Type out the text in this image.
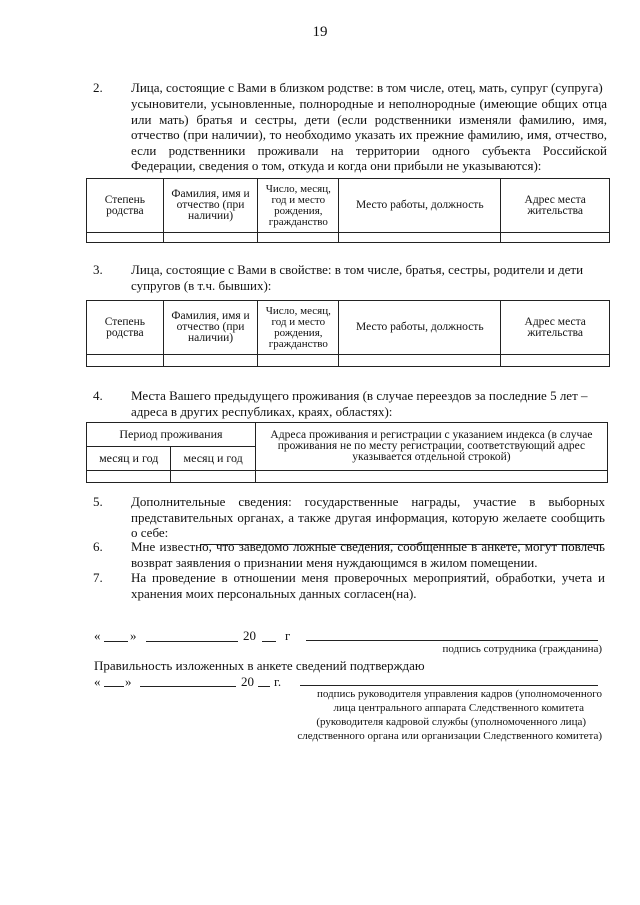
19
2. Лица, состоящие с Вами в близком родстве: в том числе, отец, мать, супруг (супруга)
усыновители, усыновленные, полнородные и неполнородные (имеющие общих отца или мать) братья и сестры, дети (если родственники изменяли фамилию, имя, отчество (при наличии), то необходимо указать их прежние фамилию, имя, отчество, если родственники проживали на территории одного субъекта Российской Федерации, сведения о том, откуда и когда они прибыли не указываются):
Степень родства	Фамилия, имя и отчество (при наличии)	Число, месяц, год и место рождения, гражданство	Место работы, должность	Адрес места жительства

3. Лица, состоящие с Вами в свойстве: в том числе, братья, сестры, родители и дети
супругов (в т.ч. бывших):
Степень родства	Фамилия, имя и отчество (при наличии)	Число, месяц, год и место рождения, гражданство	Место работы, должность	Адрес места жительства

4. Места Вашего предыдущего проживания (в случае переездов за последние 5 лет –
адреса в других республиках, краях, областях):
Период проживания		Адреса проживания и регистрации с указанием индекса (в случае проживания не по месту регистрации, соответствующий адрес указывается отдельной строкой)
месяц и год	месяц и год	

5. Дополнительные сведения: государственные награды, участие в выборных представительных органах, а также другая информация, которую желаете сообщить о себе:
6. Мне известно, что заведомо ложные сведения, сообщенные в анкете, могут повлечь возврат заявления о признании меня нуждающимся в жилом помещении.
7. На проведение в отношении меня проверочных мероприятий, обработки, учета и хранения моих персональных данных согласен(на).
« »	20 г
подпись сотрудника (гражданина)
Правильность изложенных в анкете сведений подтверждаю
« »	20 г.
подпись руководителя управления кадров (уполномоченного
лица центрального аппарата Следственного комитета
(руководителя кадровой службы (уполномоченного лица)
следственного органа или организации Следственного комитета)
